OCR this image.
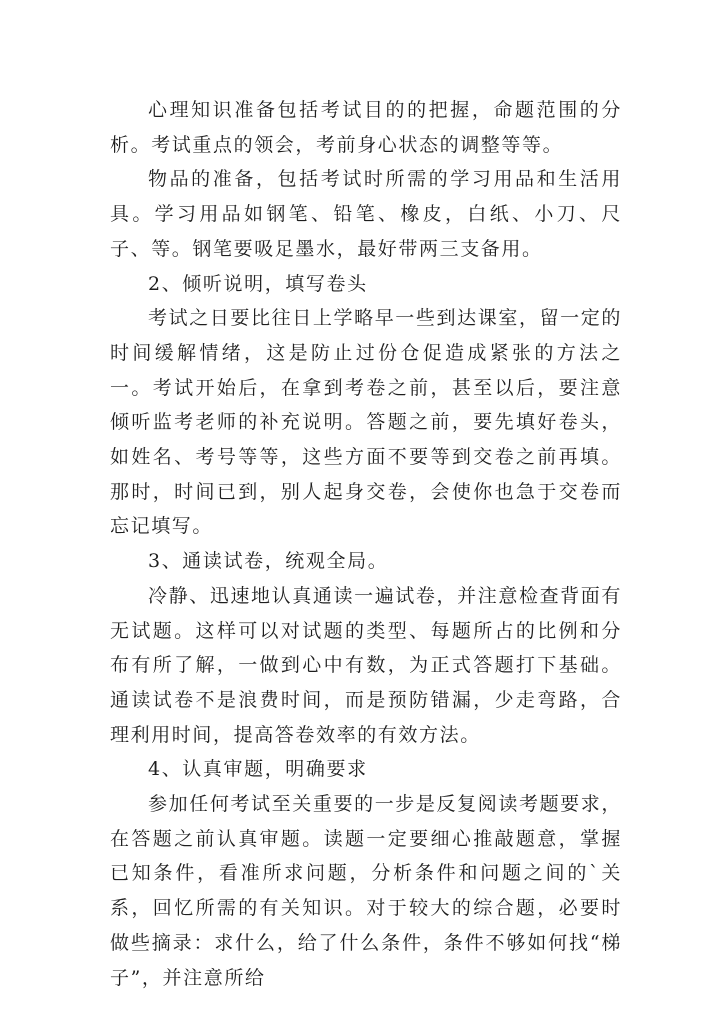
心理知识准备包括考试目的的把握，命题范围的分析。考试重点的领会，考前身心状态的调整等等。

物品的准备，包括考试时所需的学习用品和生活用具。学习用品如钢笔、铅笔、橡皮，白纸、小刀、尺子、等。钢笔要吸足墨水，最好带两三支备用。

2、倾听说明，填写卷头

考试之日要比往日上学略早一些到达课室，留一定的时间缓解情绪，这是防止过份仓促造成紧张的方法之一。考试开始后，在拿到考卷之前，甚至以后，要注意倾听监考老师的补充说明。答题之前，要先填好卷头，如姓名、考号等等，这些方面不要等到交卷之前再填。那时，时间已到，别人起身交卷，会使你也急于交卷而忘记填写。

3、通读试卷，统观全局。

冷静、迅速地认真通读一遍试卷，并注意检查背面有无试题。这样可以对试题的类型、每题所占的比例和分布有所了解，一做到心中有数，为正式答题打下基础。通读试卷不是浪费时间，而是预防错漏，少走弯路，合理利用时间，提高答卷效率的有效方法。

4、认真审题，明确要求

参加任何考试至关重要的一步是反复阅读考题要求，在答题之前认真审题。读题一定要细心推敲题意，掌握已知条件，看准所求问题，分析条件和问题之间的`关系，回忆所需的有关知识。对于较大的综合题，必要时做些摘录：求什么，给了什么条件，条件不够如何找“梯子”，并注意所给
